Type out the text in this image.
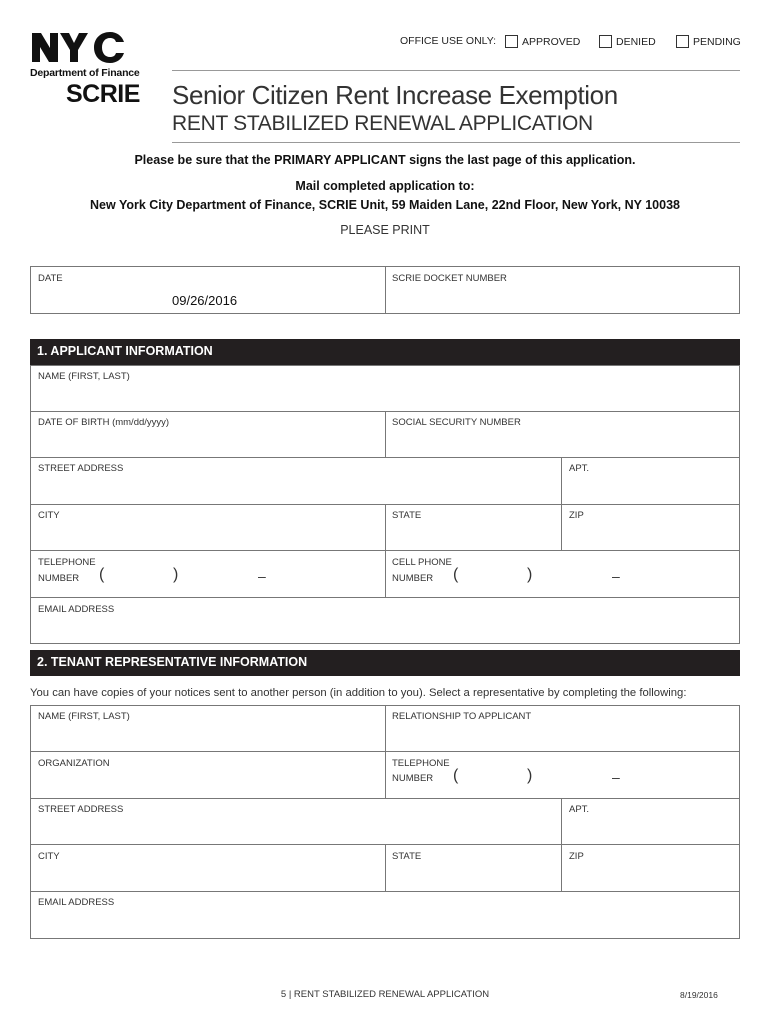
Department of Finance
SCRIE Senior Citizen Rent Increase Exemption
RENT STABILIZED RENEWAL APPLICATION
OFFICE USE ONLY: APPROVED	DENIED	PENDING
Please be sure that the PRIMARY APPLICANT signs the last page of this application.
Mail completed application to:
New York City Department of Finance, SCRIE Unit, 59 Maiden Lane, 22nd Floor, New York, NY 10038
PLEASE PRINT
DATE
09/26/2016
SCRIE DOCKET NUMBER
1. APPLICANT INFORMATION
NAME (FIRST, LAST)
DATE OF BIRTH (mm/dd/yyyy)	SOCIAL SECURITY NUMBER
STREET ADDRESS	APT.
CITY	STATE	ZIP
TELEPHONE
NUMBER (	)	–
CELL PHONE
NUMBER (	)	–
EMAIL ADDRESS
2. TENANT REPRESENTATIVE INFORMATION
You can have copies of your notices sent to another person (in addition to you). Select a representative by completing the following:
NAME (FIRST, LAST)	RELATIONSHIP TO APPLICANT
ORGANIZATION	TELEPHONE
NUMBER (	)	–
STREET ADDRESS	APT.
CITY	STATE	ZIP
EMAIL ADDRESS
5 | RENT STABILIZED RENEWAL APPLICATION	8/19/2016
